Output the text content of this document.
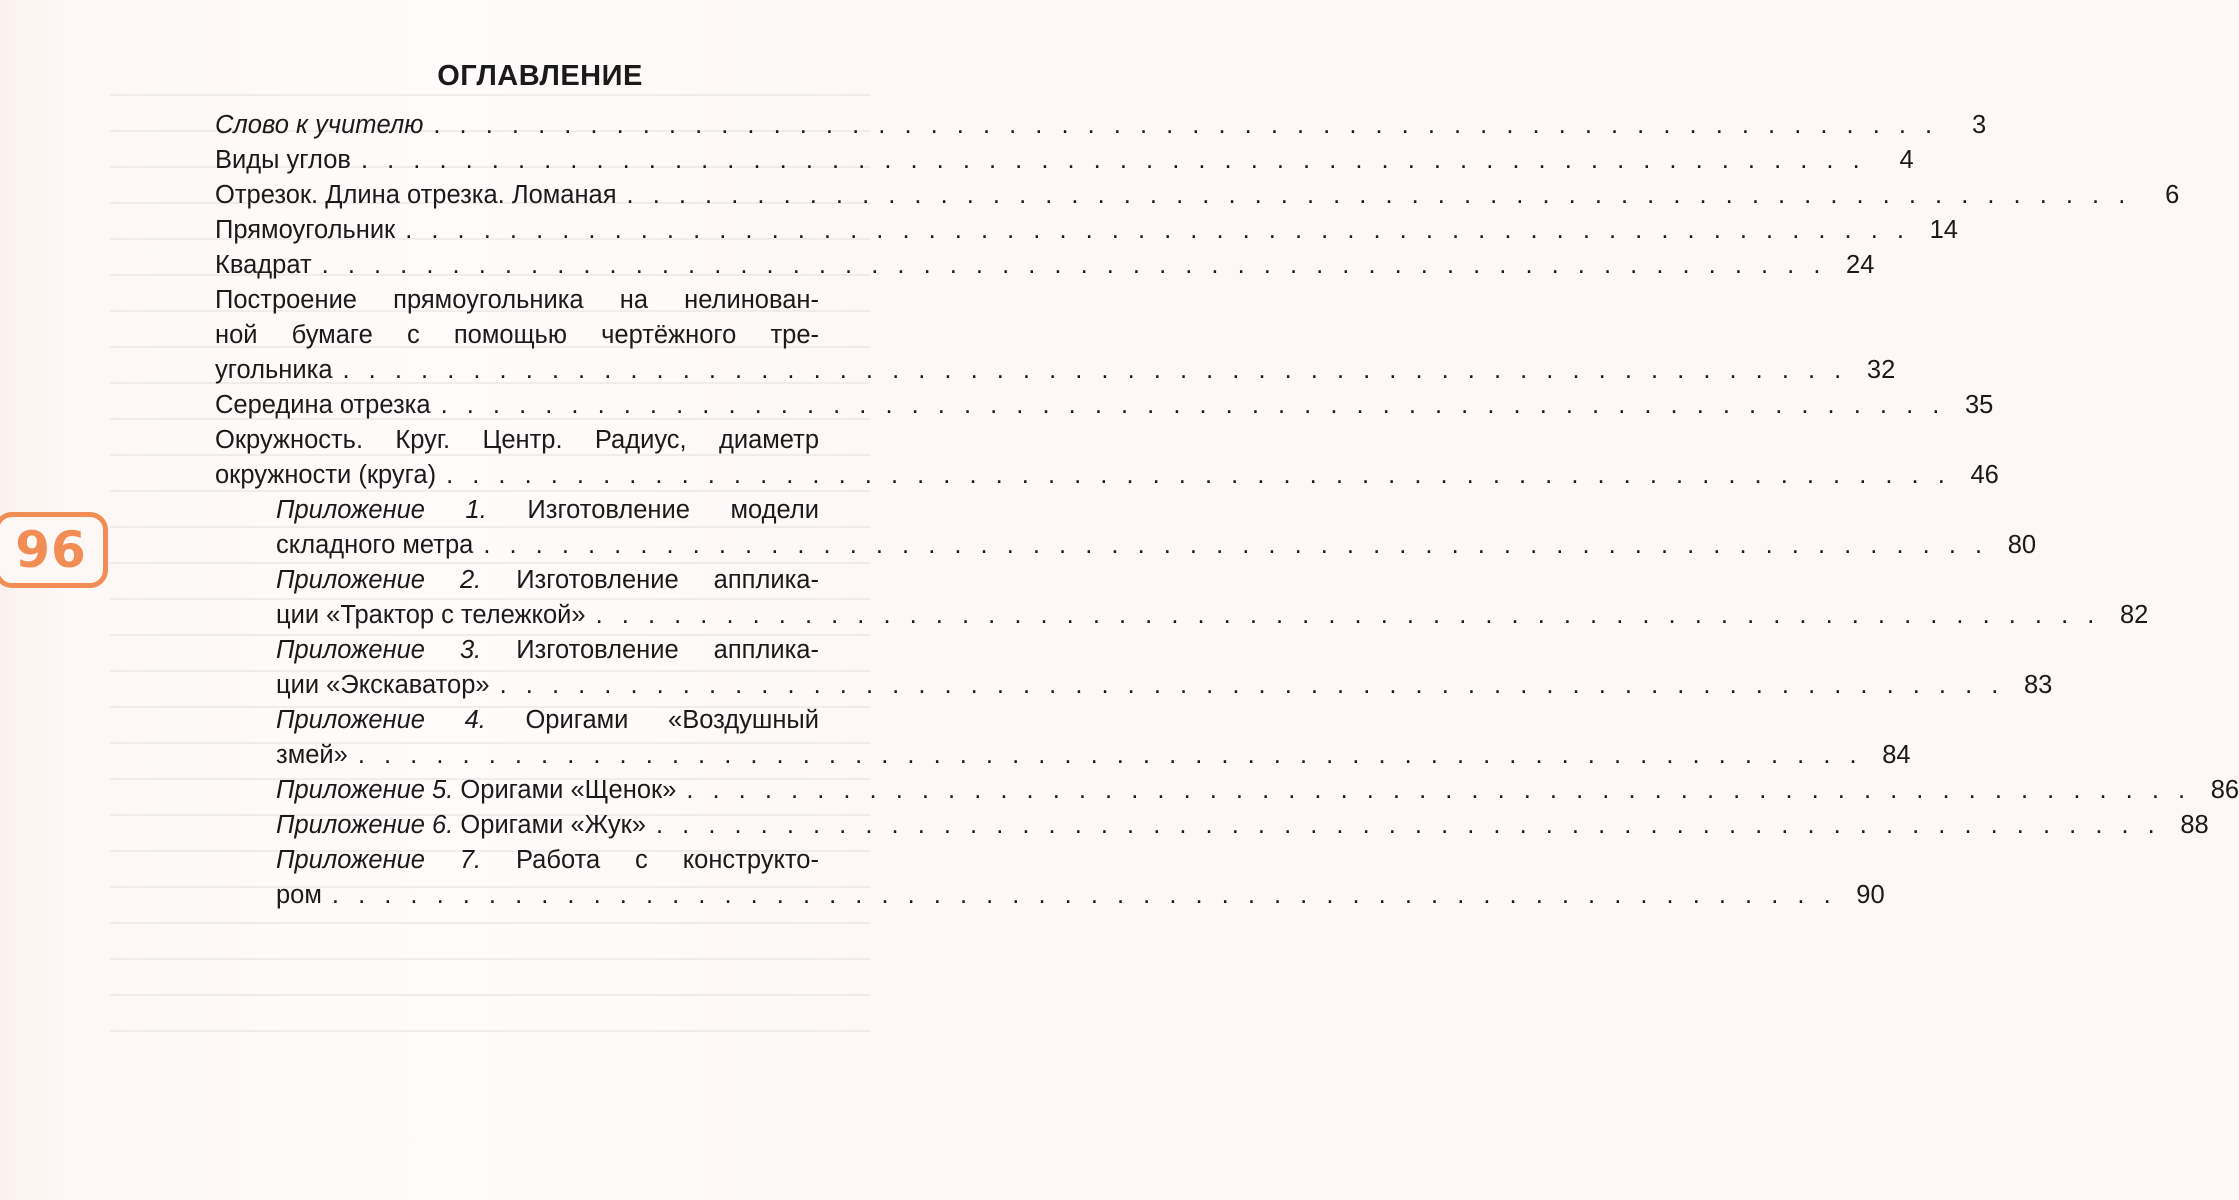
96
ОГЛАВЛЕНИЕ
Слово к учителю . . . . . . . . . . . . . . . . . . . . . . . . . . . . . . . . . . . . . . . . . . . . . . . . . . . . . . . . . .	3
Виды углов . . . . . . . . . . . . . . . . . . . . . . . . . . . . . . . . . . . . . . . . . . . . . . . . . . . . . . . . . .	4
Отрезок. Длина отрезка. Ломаная . . . . . . . . . . . . . . . . . . . . . . . . . . . . . . . . . . . . . . . . . . . . . . . . . . . . . . . . . .	6
Прямоугольник . . . . . . . . . . . . . . . . . . . . . . . . . . . . . . . . . . . . . . . . . . . . . . . . . . . . . . . . . . 14
Квадрат . . . . . . . . . . . . . . . . . . . . . . . . . . . . . . . . . . . . . . . . . . . . . . . . . . . . . . . . . . 24
Построение прямоугольника на нелинован-
ной бумаге с помощью чертёжного тре-
угольника . . . . . . . . . . . . . . . . . . . . . . . . . . . . . . . . . . . . . . . . . . . . . . . . . . . . . . . . . . 32
Середина отрезка . . . . . . . . . . . . . . . . . . . . . . . . . . . . . . . . . . . . . . . . . . . . . . . . . . . . . . . . . . 35
Окружность. Круг. Центр. Радиус, диаметр
окружности (круга) . . . . . . . . . . . . . . . . . . . . . . . . . . . . . . . . . . . . . . . . . . . . . . . . . . . . . . . . . . 46
Приложение 1. Изготовление модели
складного метра . . . . . . . . . . . . . . . . . . . . . . . . . . . . . . . . . . . . . . . . . . . . . . . . . . . . . . . . . . 80
Приложение 2. Изготовление апплика-
ции «Трактор с тележкой» . . . . . . . . . . . . . . . . . . . . . . . . . . . . . . . . . . . . . . . . . . . . . . . . . . . . . . . . . . 82
Приложение 3. Изготовление апплика-
ции «Экскаватор» . . . . . . . . . . . . . . . . . . . . . . . . . . . . . . . . . . . . . . . . . . . . . . . . . . . . . . . . . . 83
Приложение 4. Оригами «Воздушный
змей» . . . . . . . . . . . . . . . . . . . . . . . . . . . . . . . . . . . . . . . . . . . . . . . . . . . . . . . . . . 84
Приложение 5. Оригами «Щенок» . . . . . . . . . . . . . . . . . . . . . . . . . . . . . . . . . . . . . . . . . . . . . . . . . . . . . . . . . . 86
Приложение 6. Оригами «Жук» . . . . . . . . . . . . . . . . . . . . . . . . . . . . . . . . . . . . . . . . . . . . . . . . . . . . . . . . . . 88
Приложение 7. Работа с конструкто-
ром . . . . . . . . . . . . . . . . . . . . . . . . . . . . . . . . . . . . . . . . . . . . . . . . . . . . . . . . . . 90
